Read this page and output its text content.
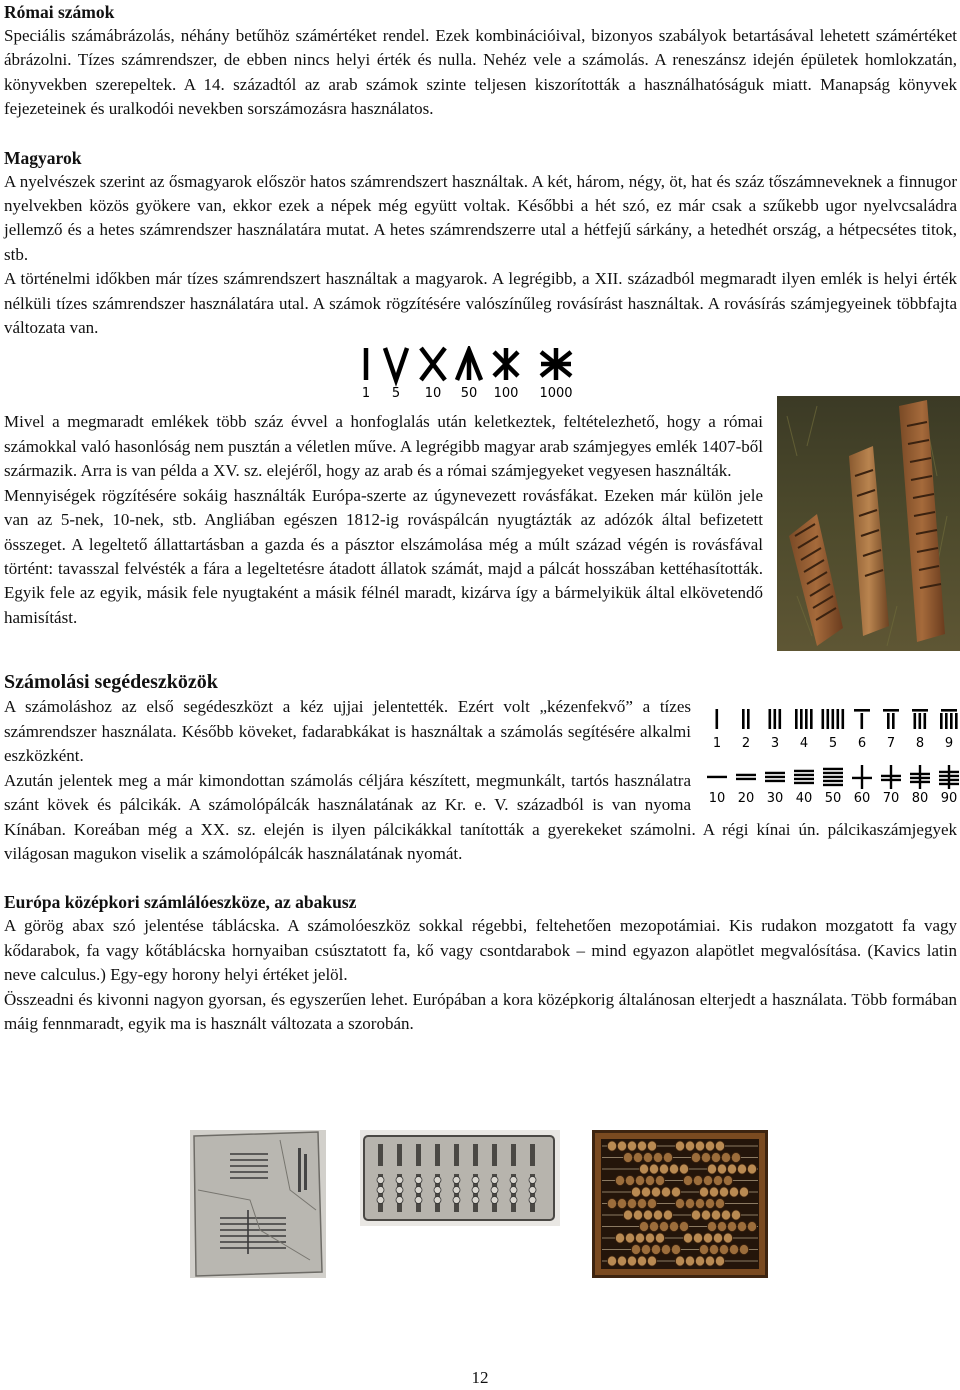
Római számok

Speciális számábrázolás, néhány betűhöz számértéket rendel. Ezek kombinációival, bizonyos szabályok betartásával lehetett számértéket ábrázolni. Tízes számrendszer, de ebben nincs helyi érték és nulla. Nehéz vele a számolás. A reneszánsz idején épületek homlokzatán, könyvekben szerepeltek. A 14. századtól az arab számok szinte teljesen kiszorították a használhatóságuk miatt. Manapság könyvek fejezeteinek és uralkodói nevekben sorszámozásra használatos.

Magyarok

A nyelvészek szerint az ősmagyarok először hatos számrendszert használtak. A két, három, négy, öt, hat és száz tőszámneveknek a finnugor nyelvekben közös gyökere van, ekkor ezek a népek még együtt voltak. Későbbi a hét szó, ez már csak a szűkebb ugor nyelvcsaládra jellemző és a hetes számrendszer használatára mutat. A hetes számrendszerre utal a hétfejű sárkány, a hetedhét ország, a hétpecsétes titok, stb.

A történelmi időkben már tízes számrendszert használtak a magyarok. A legrégibb, a XII. századból megmaradt ilyen emlék is helyi érték nélküli tízes számrendszer használatára utal. A számok rögzítésére valószínűleg rovásírást használtak. A rovásírás számjegyeinek többfajta változata van.

1 5 10 50 100 1000

Mivel a megmaradt emlékek több száz évvel a honfoglalás után keletkeztek, feltételezhető, hogy a római számokkal való hasonlóság nem pusztán a véletlen műve. A legrégibb magyar arab számjegyes emlék 1407-ből származik. Arra is van példa a XV. sz. elejéről, hogy az arab és a római számjegyeket vegyesen használták.

Mennyiségek rögzítésére sokáig használták Európa-szerte az úgynevezett rovásfákat. Ezeken már külön jele van az 5-nek, 10-nek, stb. Angliában egészen 1812-ig rováspálcán nyugtázták az adózók által befizetett összeget. A legeltető állattartásban a gazda és a pásztor elszámolása még a múlt század végén is rovásfával történt: tavasszal felvésték a fára a legeltetésre átadott állatok számát, majd a pálcát hosszában kettéhasították. Egyik fele az egyik, másik fele nyugtaként a másik félnél maradt, kizárva így a bármelyikük által elkövetendő hamisítást.

Számolási segédeszközök
1 2 3 4 5 6 7 8 9
10 20 30 40 50 60 70 80 90

A számoláshoz az első segédeszközt a kéz ujjai jelentették. Ezért volt „kézenfekvő” a tízes számrendszer használata. Később köveket, fadarabkákat is használtak a számolás segítésére alkalmi eszközként.

Azután jelentek meg a már kimondottan számolás céljára készített, megmunkált, tartós használatra szánt kövek és pálcikák. A számolópálcák használatának az Kr. e. V. századból is van nyoma Kínában. Koreában még a XX. sz. elején is ilyen pálcikákkal tanították a gyerekeket számolni. A régi kínai ún. pálcikaszámjegyek világosan magukon viselik a számolópálcák használatának nyomát.

Európa középkori számlálóeszköze, az abakusz

A görög abax szó jelentése táblácska. A számolóeszköz sokkal régebbi, feltehetően mezopotámiai. Kis rudakon mozgatott fa vagy kődarabok, fa vagy kőtáblácska hornyaiban csúsztatott fa, kő vagy csontdarabok – mind egyazon alapötlet megvalósítása. (Kavics latin neve calculus.) Egy-egy horony helyi értéket jelöl.

Összeadni és kivonni nagyon gyorsan, és egyszerűen lehet. Európában a kora középkorig általánosan elterjedt a használata. Több formában máig fennmaradt, egyik ma is használt változata a szorobán.

12
